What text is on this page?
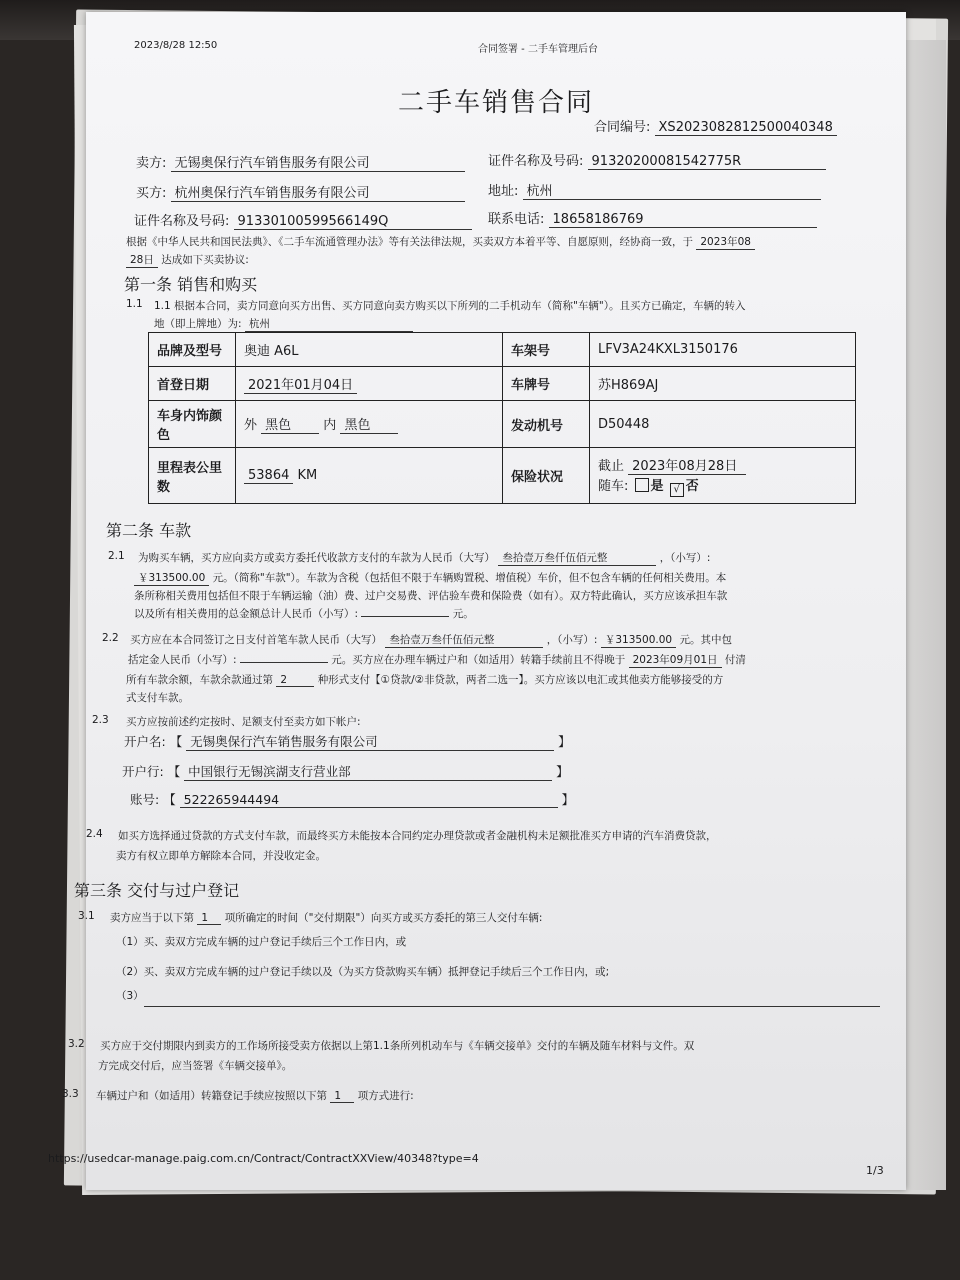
2023/8/28 12:50	合同签署 - 二手车管理后台
二手车销售合同
合同编号: XS2023082812500040348
卖方: 无锡奥保行汽车销售服务有限公司	证件名称及号码: 91320200081542775R
买方: 杭州奥保行汽车销售服务有限公司	地址: 杭州
证件名称及号码: 91330100599566149Q	联系电话: 18658186769
根据《中华人民共和国民法典》、《二手车流通管理办法》等有关法律法规，买卖双方本着平等、自愿原则，经协商一致，于 2023年08
28日 达成如下买卖协议:
第一条 销售和购买
1.1 1.1 根据本合同，卖方同意向买方出售、买方同意向卖方购买以下所列的二手机动车（简称"车辆"）。且买方已确定，车辆的转入
地（即上牌地）为: 杭州
品牌及型号	奥迪 A6L	车架号	LFV3A24KXL3150176
首登日期	2021年01月04日	车牌号	苏H869AJ
车身内饰颜色	外 黑色 内 黑色	发动机号	D50448
里程表公里数	53864 KM	保险状况	截止 2023年08月28日
随车: 是 √ 否
第二条 车款
2.1 为购买车辆，买方应向卖方或卖方委托代收款方支付的车款为人民币（大写） 叁拾壹万叁仟伍佰元整	，（小写）:
￥313500.00 元。（简称"车款"）。车款为含税（包括但不限于车辆购置税、增值税）车价，但不包含车辆的任何相关费用。本
条所称相关费用包括但不限于车辆运输（油）费、过户交易费、评估验车费和保险费（如有）。双方特此确认，买方应该承担车款
以及所有相关费用的总金额总计人民币（小写）:	元。
2.2 买方应在本合同签订之日支付首笔车款人民币（大写） 叁拾壹万叁仟伍佰元整	，（小写）: ￥313500.00 元。其中包
括定金人民币（小写）:	元。买方应在办理车辆过户和（如适用）转籍手续前且不得晚于 2023年09月01日 付清
所有车款余额，车款余款通过第 2	种形式支付【①贷款/②非贷款，两者二选一】。买方应该以电汇或其他卖方能够接受的方
式支付车款。
2.3 买方应按前述约定按时、足额支付至卖方如下帐户:
开户名: 【 无锡奥保行汽车销售服务有限公司	】
开户行: 【 中国银行无锡滨湖支行营业部	】
账号: 【 522265944494	】
2.4 如买方选择通过贷款的方式支付车款，而最终买方未能按本合同约定办理贷款或者金融机构未足额批准买方申请的汽车消费贷款，
卖方有权立即单方解除本合同，并没收定金。
第三条 交付与过户登记
3.1 卖方应当于以下第 1 项所确定的时间（"交付期限"）向买方或买方委托的第三人交付车辆:
（1）买、卖双方完成车辆的过户登记手续后三个工作日内，或
（2）买、卖双方完成车辆的过户登记手续以及（为买方贷款购买车辆）抵押登记手续后三个工作日内，或;
（3）
3.2 买方应于交付期限内到卖方的工作场所接受卖方依据以上第1.1条所列机动车与《车辆交接单》交付的车辆及随车材料与文件。双
方完成交付后，应当签署《车辆交接单》。
3.3 车辆过户和（如适用）转籍登记手续应按照以下第 1 项方式进行:
https://usedcar-manage.paig.com.cn/Contract/ContractXXView/40348?type=4
1/3
